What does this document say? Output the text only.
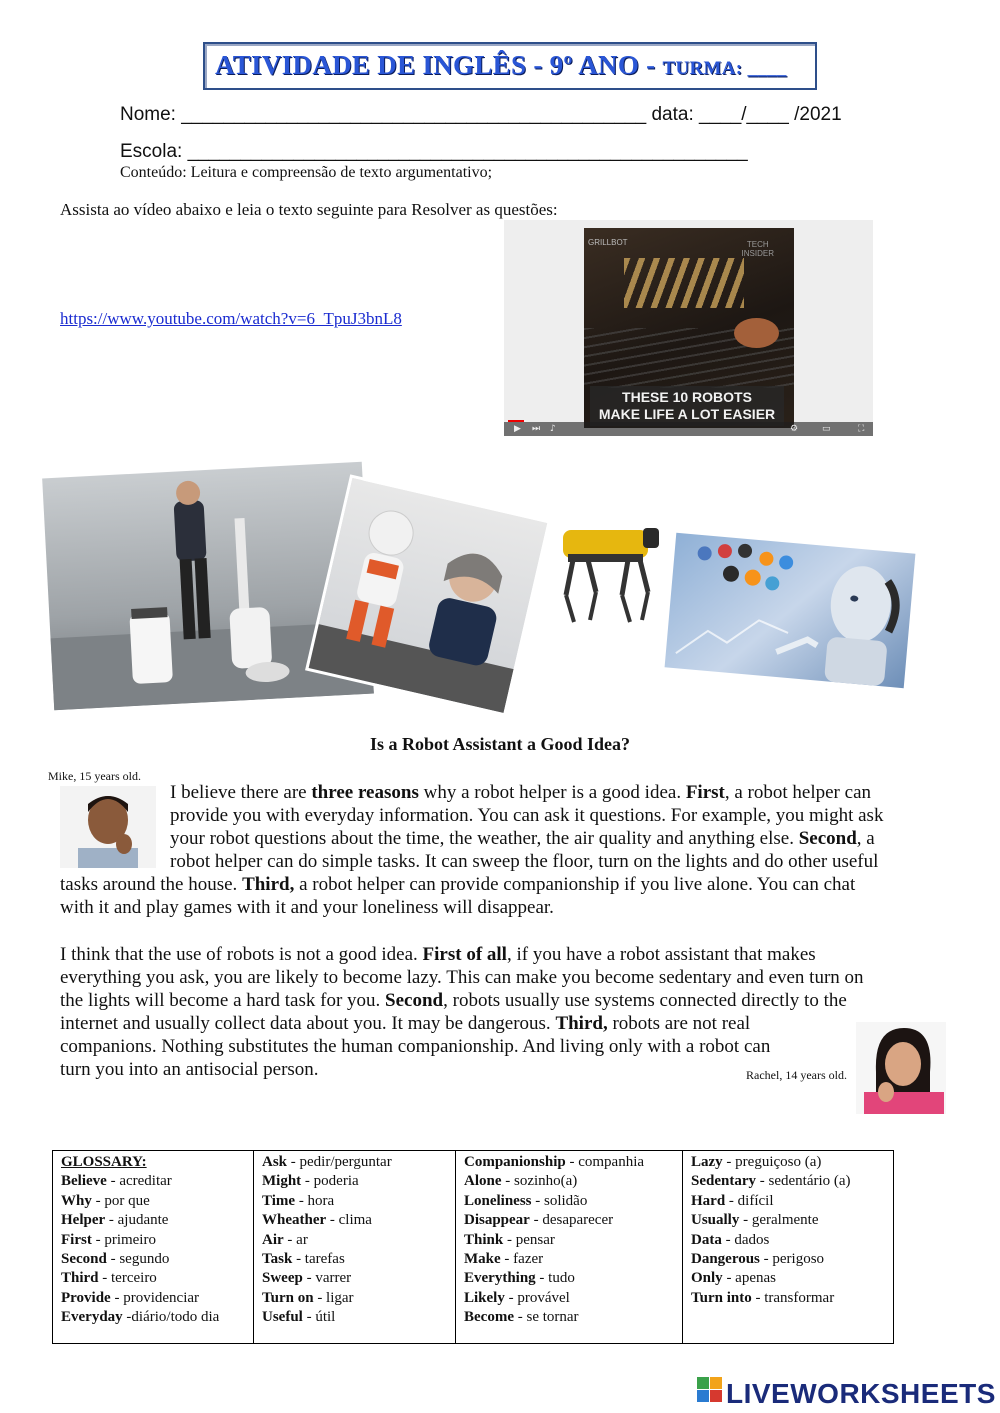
ATIVIDADE DE INGLÊS - 9º ANO - TURMA: ____
Nome: ____________________________________________ data: ____/____ /2021
Escola: _____________________________________________________
Conteúdo: Leitura e compreensão de texto argumentativo;
Assista ao vídeo abaixo e leia o texto seguinte para Resolver as questões:
https://www.youtube.com/watch?v=6_TpuJ3bnL8
GRILLBOT	TECH
INSIDER
THESE 10 ROBOTS
MAKE LIFE A LOT EASIER
▶ ⏭ ♪	⚙	▭	⛶
Is a Robot Assistant a Good Idea?
Mike, 15 years old.
I believe there are three reasons why a robot helper is a good idea. First, a robot helper can
provide you with everyday information. You can ask it questions. For example, you might ask
your robot questions about the time, the weather, the air quality and anything else. Second, a
robot helper can do simple tasks. It can sweep the floor, turn on the lights and do other useful
tasks around the house. Third, a robot helper can provide companionship if you live alone. You can chat
with it and play games with it and your loneliness will disappear.
I think that the use of robots is not a good idea. First of all, if you have a robot assistant that makes
everything you ask, you are likely to become lazy. This can make you become sedentary and even turn on
the lights will become a hard task for you. Second, robots usually use systems connected directly to the
internet and usually collect data about you. It may be dangerous. Third, robots are not real
companions. Nothing substitutes the human companionship. And living only with a robot can
turn you into an antisocial person.	Rachel, 14 years old.
GLOSSARY:
Believe - acreditar
Why - por que
Helper - ajudante
First - primeiro
Second - segundo
Third - terceiro
Provide - providenciar
Everyday -diário/todo dia

Ask - pedir/perguntar
Might - poderia
Time - hora
Wheather - clima
Air - ar
Task - tarefas
Sweep - varrer
Turn on - ligar
Useful - útil

Companionship - companhia
Alone - sozinho(a)
Loneliness - solidão
Disappear - desaparecer
Think - pensar
Make - fazer
Everything - tudo
Likely - provável
Become - se tornar

Lazy - preguiçoso (a)
Sedentary - sedentário (a)
Hard - difícil
Usually - geralmente
Data - dados
Dangerous - perigoso
Only - apenas
Turn into - transformar
LIVEWORKSHEETS
